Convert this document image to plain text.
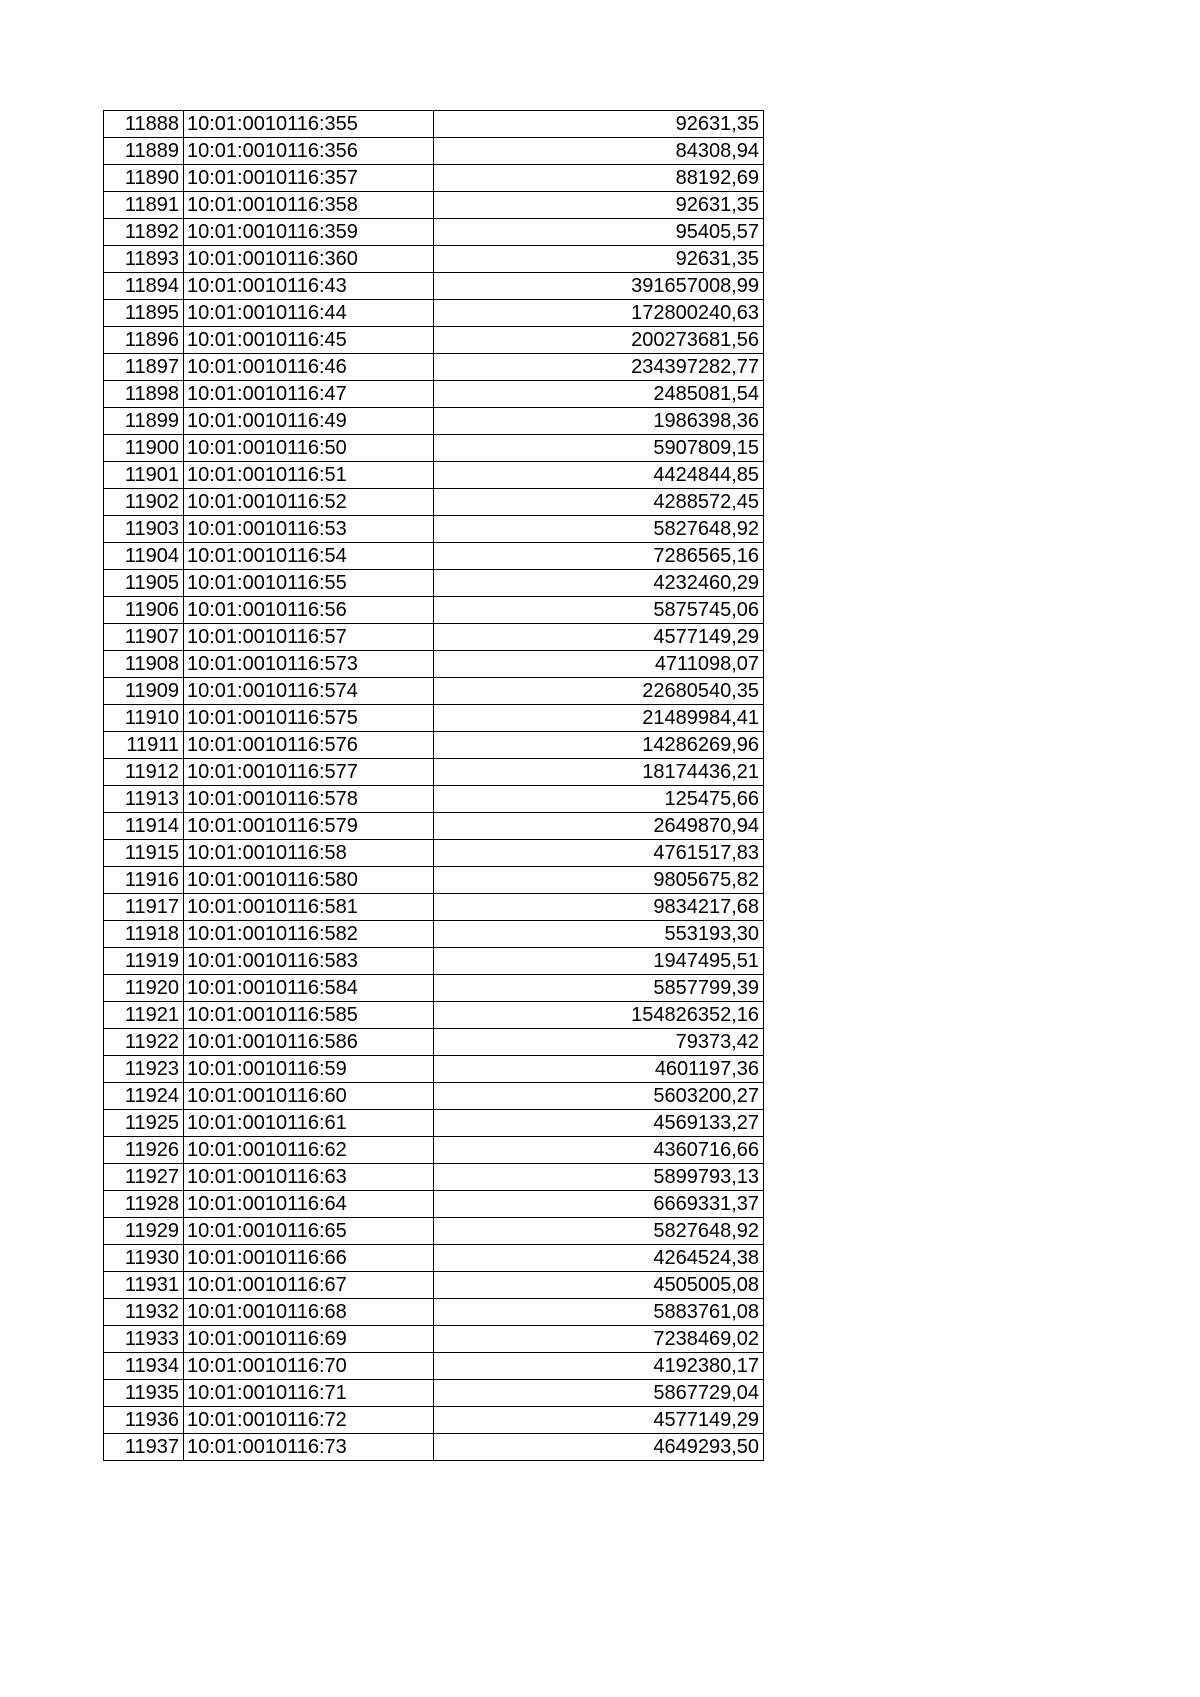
11888	10:01:0010116:355	92631,35
11889	10:01:0010116:356	84308,94
11890	10:01:0010116:357	88192,69
11891	10:01:0010116:358	92631,35
11892	10:01:0010116:359	95405,57
11893	10:01:0010116:360	92631,35
11894	10:01:0010116:43	391657008,99
11895	10:01:0010116:44	172800240,63
11896	10:01:0010116:45	200273681,56
11897	10:01:0010116:46	234397282,77
11898	10:01:0010116:47	2485081,54
11899	10:01:0010116:49	1986398,36
11900	10:01:0010116:50	5907809,15
11901	10:01:0010116:51	4424844,85
11902	10:01:0010116:52	4288572,45
11903	10:01:0010116:53	5827648,92
11904	10:01:0010116:54	7286565,16
11905	10:01:0010116:55	4232460,29
11906	10:01:0010116:56	5875745,06
11907	10:01:0010116:57	4577149,29
11908	10:01:0010116:573	4711098,07
11909	10:01:0010116:574	22680540,35
11910	10:01:0010116:575	21489984,41
11911	10:01:0010116:576	14286269,96
11912	10:01:0010116:577	18174436,21
11913	10:01:0010116:578	125475,66
11914	10:01:0010116:579	2649870,94
11915	10:01:0010116:58	4761517,83
11916	10:01:0010116:580	9805675,82
11917	10:01:0010116:581	9834217,68
11918	10:01:0010116:582	553193,30
11919	10:01:0010116:583	1947495,51
11920	10:01:0010116:584	5857799,39
11921	10:01:0010116:585	154826352,16
11922	10:01:0010116:586	79373,42
11923	10:01:0010116:59	4601197,36
11924	10:01:0010116:60	5603200,27
11925	10:01:0010116:61	4569133,27
11926	10:01:0010116:62	4360716,66
11927	10:01:0010116:63	5899793,13
11928	10:01:0010116:64	6669331,37
11929	10:01:0010116:65	5827648,92
11930	10:01:0010116:66	4264524,38
11931	10:01:0010116:67	4505005,08
11932	10:01:0010116:68	5883761,08
11933	10:01:0010116:69	7238469,02
11934	10:01:0010116:70	4192380,17
11935	10:01:0010116:71	5867729,04
11936	10:01:0010116:72	4577149,29
11937	10:01:0010116:73	4649293,50
